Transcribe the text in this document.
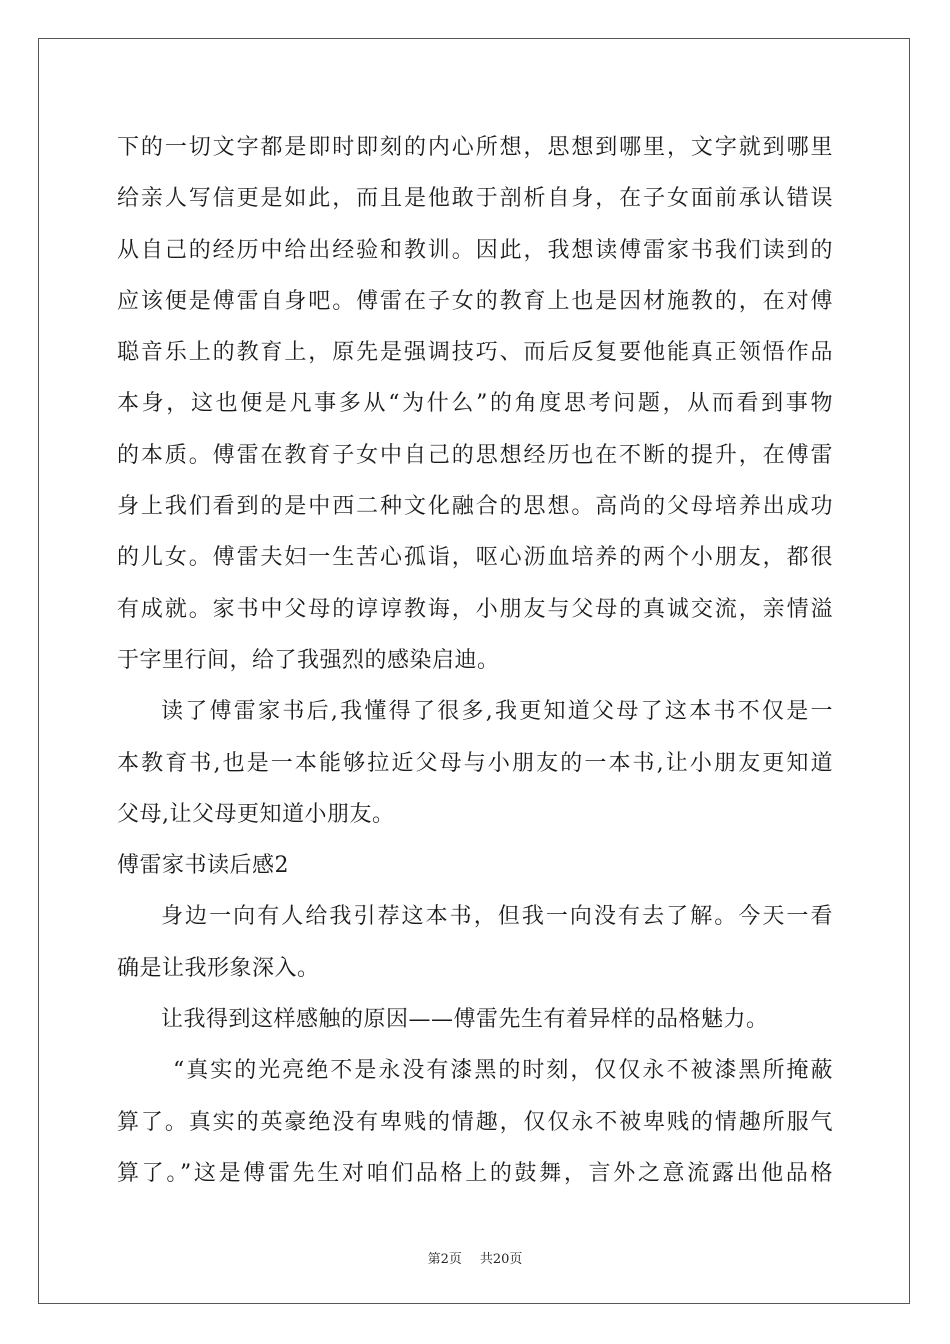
下的一切文字都是即时即刻的内心所想，思想到哪里，文字就到哪里
给亲人写信更是如此，而且是他敢于剖析自身，在子女面前承认错误
从自己的经历中给出经验和教训。因此，我想读傅雷家书我们读到的
应该便是傅雷自身吧。傅雷在子女的教育上也是因材施教的，在对傅
聪音乐上的教育上，原先是强调技巧、而后反复要他能真正领悟作品
本身，这也便是凡事多从“为什么”的角度思考问题，从而看到事物
的本质。傅雷在教育子女中自己的思想经历也在不断的提升，在傅雷
身上我们看到的是中西二种文化融合的思想。高尚的父母培养出成功
的儿女。傅雷夫妇一生苦心孤诣，呕心沥血培养的两个小朋友，都很
有成就。家书中父母的谆谆教诲，小朋友与父母的真诚交流，亲情溢
于字里行间，给了我强烈的感染启迪。
读了傅雷家书后,我懂得了很多,我更知道父母了这本书不仅是一
本教育书,也是一本能够拉近父母与小朋友的一本书,让小朋友更知道
父母,让父母更知道小朋友。
傅雷家书读后感2
身边一向有人给我引荐这本书，但我一向没有去了解。今天一看
确是让我形象深入。
让我得到这样感触的原因——傅雷先生有着异样的品格魅力。
“真实的光亮绝不是永没有漆黑的时刻，仅仅永不被漆黑所掩蔽
算了。真实的英豪绝没有卑贱的情趣，仅仅永不被卑贱的情趣所服气
算了。”这是傅雷先生对咱们品格上的鼓舞，言外之意流露出他品格
第2页 共20页
